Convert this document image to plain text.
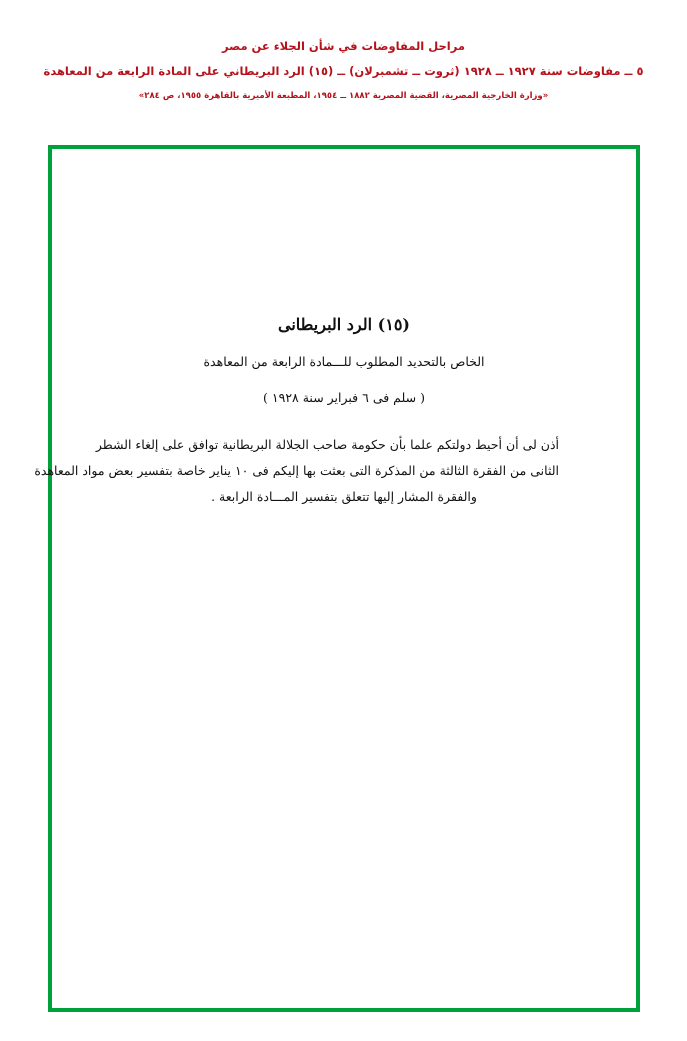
مراحل المفاوضات في شأن الجلاء عن مصر
٥ ــ مفاوضات سنة ١٩٢٧ ــ ١٩٢٨ (ثروت ــ تشمبرلان) ــ (١٥) الرد البريطاني على المادة الرابعة من المعاهدة
«وزارة الخارجية المصرية، القضية المصرية ١٨٨٢ ــ ١٩٥٤، المطبعة الأميرية بالقاهرة ١٩٥٥، ص ٢٨٤»
(١٥) الرد البريطانى
الخاص بالتحديد المطلوب للـــمادة الرابعة من المعاهدة
( سلم فى ٦ فبراير سنة ١٩٢٨ )
أذن لى أن أحيط دولتكم علما بأن حكومة صاحب الجلالة البريطانية توافق على إلغاء الشطر
الثانى من الفقرة الثالثة من المذكرة التى بعثت بها إليكم فى ١٠ يناير خاصة بتفسير بعض مواد المعاهدة
والفقرة المشار إليها تتعلق بتفسير المـــادة الرابعة .
